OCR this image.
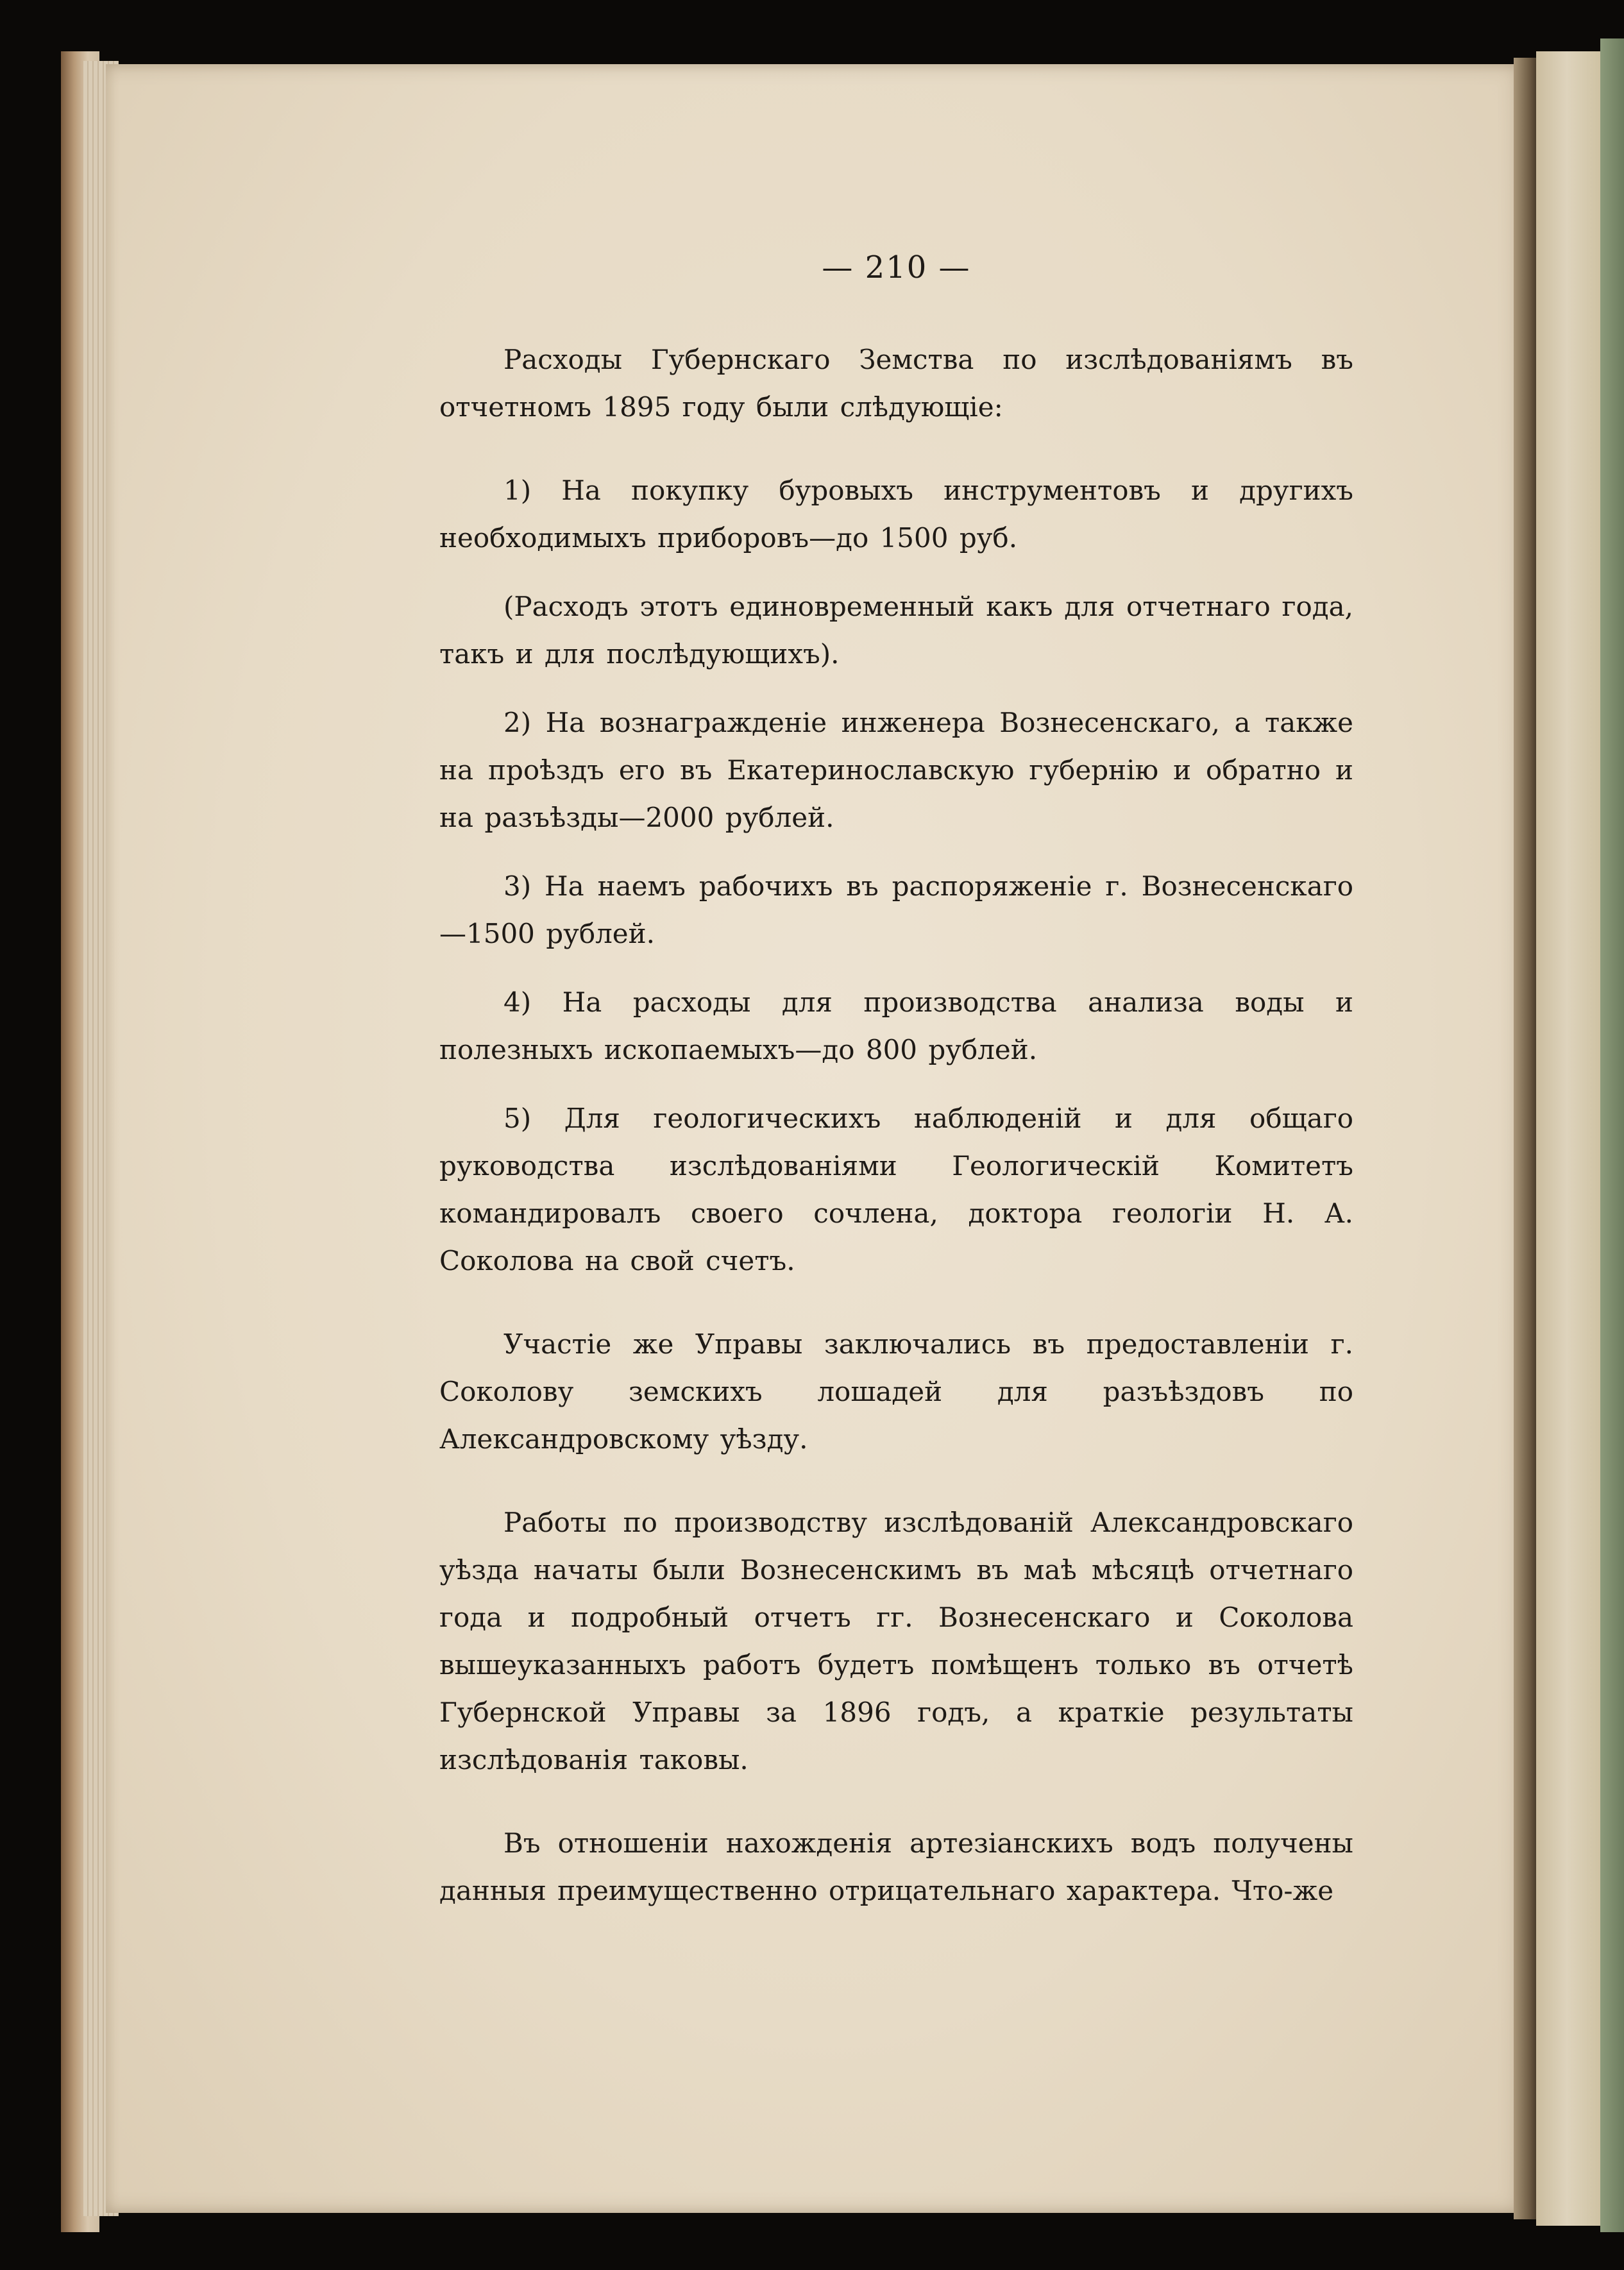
— 210 —

Расходы Губернскаго Земства по изслѣдованіямъ въ отчетномъ 1895 году были слѣдующіе:

1) На покупку буровыхъ инструментовъ и другихъ необходимыхъ приборовъ—до 1500 руб.

(Расходъ этотъ единовременный какъ для отчетнаго года, такъ и для послѣдующихъ).

2) На вознагражденіе инженера Вознесенскаго, а также на проѣздъ его въ Екатеринославскую губернію и обратно и на разъѣзды—2000 рублей.

3) На наемъ рабочихъ въ распоряженіе г. Вознесенскаго—1500 рублей.

4) На расходы для производства анализа воды и полезныхъ ископаемыхъ—до 800 рублей.

5) Для геологическихъ наблюденій и для общаго руководства изслѣдованіями Геологическій Комитетъ командировалъ своего сочлена, доктора геологіи Н. А. Соколова на свой счетъ.

Участіе же Управы заключались въ предоставленіи г. Соколову земскихъ лошадей для разъѣздовъ по Александровскому уѣзду.

Работы по производству изслѣдованій Александровскаго уѣзда начаты были Вознесенскимъ въ маѣ мѣсяцѣ отчетнаго года и подробный отчетъ гг. Вознесенскаго и Соколова вышеуказанныхъ работъ будетъ помѣщенъ только въ отчетѣ Губернской Управы за 1896 годъ, а краткіе результаты изслѣдованія таковы.

Въ отношеніи нахожденія артезіанскихъ водъ получены данныя преимущественно отрицательнаго характера. Что-же
